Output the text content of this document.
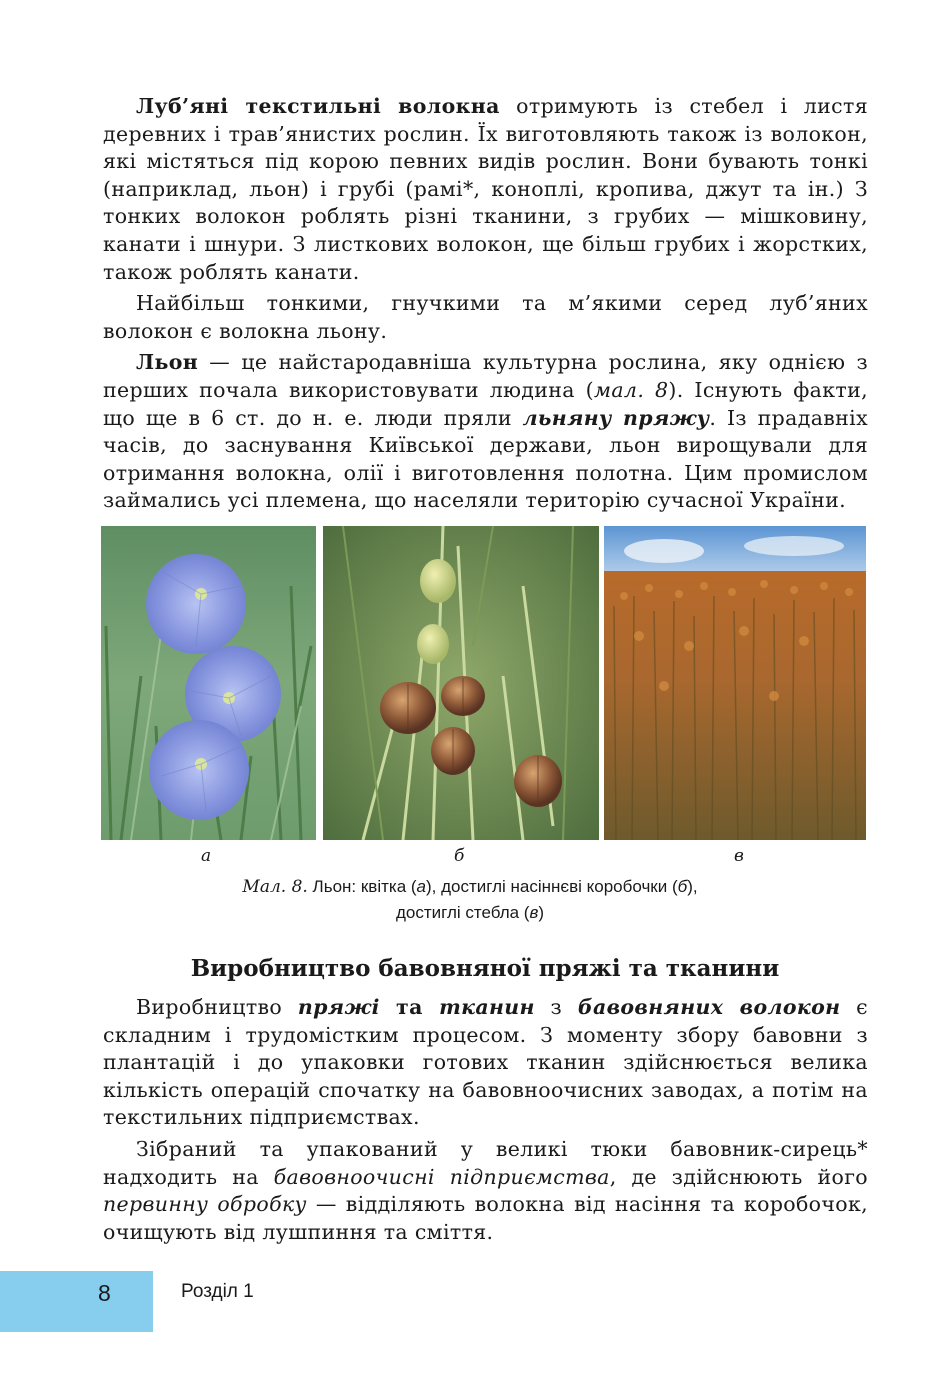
Луб’яні текстильні волокна отримують із стебел і листя деревних і трав’янистих рослин. Їх виготовляють також із волокон, які містяться під корою певних видів рослин. Вони бувають тонкі (наприклад, льон) і грубі (рамі*, коноплі, кропива, джут та ін.) З тонких волокон роблять різні тканини, з грубих — мішковину, канати і шнури. З листкових волокон, ще більш грубих і жорстких, також роблять канати.

Найбільш тонкими, гнучкими та м’якими серед луб’яних волокон є волокна льону.

Льон — це найстародавніша культурна рослина, яку однією з перших почала використовувати людина (мал. 8). Існують факти, що ще в 6 ст. до н. е. люди пряли льняну пряжу. Із прадавніх часів, до заснування Київської держави, льон вирощували для отримання волокна, олії і виготовлення полотна. Цим промислом займались усі племена, що населяли територію сучасної України.

а	б	в
Мал. 8. Льон: квітка (а), достиглі насіннєві коробочки (б),
достиглі стебла (в)
Виробництво бавовняної пряжі та тканини

Виробництво пряжі та тканин з бавовняних волокон є складним і трудомістким процесом. З моменту збору бавовни з плантацій і до упаковки готових тканин здійснюється велика кількість операцій спочатку на бавовноочисних заводах, а потім на текстильних підприємствах.

Зібраний та упакований у великі тюки бавовник-сирець* надходить на бавовноочисні підприємства, де здійснюють його первинну обробку — відділяють волокна від насіння та коробочок, очищують від лушпиння та сміття.

8	Розділ 1
